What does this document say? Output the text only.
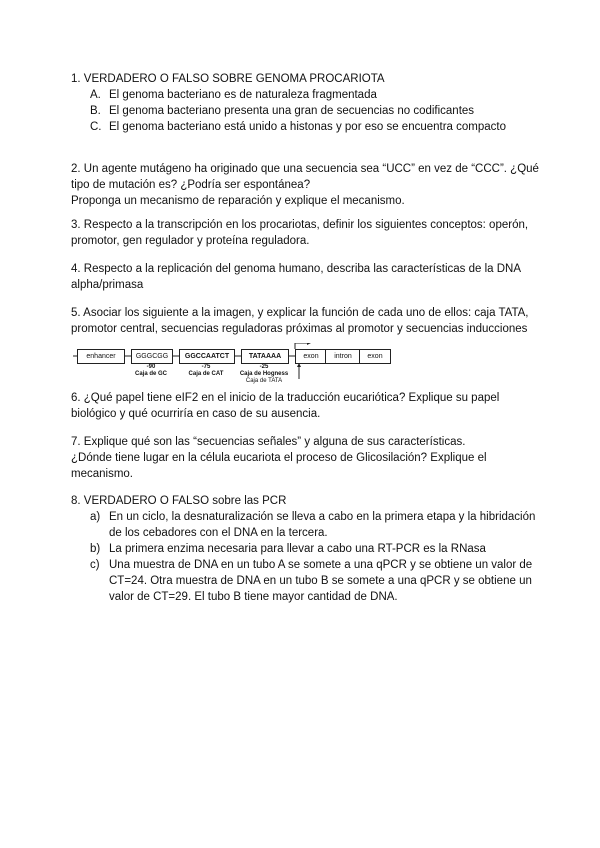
1. VERDADERO O FALSO SOBRE GENOMA PROCARIOTA
A. El genoma bacteriano es de naturaleza fragmentada
B. El genoma bacteriano presenta una gran de secuencias no codificantes
C. El genoma bacteriano está unido a histonas y por eso se encuentra compacto
2. Un agente mutágeno ha originado que una secuencia sea “UCC” en vez de “CCC”. ¿Qué
tipo de mutación es? ¿Podría ser espontánea?
Proponga un mecanismo de reparación y explique el mecanismo.
3. Respecto a la transcripción en los procariotas, definir los siguientes conceptos: operón,
promotor, gen regulador y proteína reguladora.
4. Respecto a la replicación del genoma humano, describa las características de la DNA
alpha/primasa
5. Asociar los siguiente a la imagen, y explicar la función de cada uno de ellos: caja TATA,
promotor central, secuencias reguladoras próximas al promotor y secuencias inducciones
enhancer	GGGCGG	GGCCAATCT	TATAAAA	exon	intron
-90
Caja de GC
-75
Caja de CAT
-25
Caja de Hogness
Caja de TATA
exon
6. ¿Qué papel tiene eIF2 en el inicio de la traducción eucariótica? Explique su papel
biológico y qué ocurriría en caso de su ausencia.
7. Explique qué son las “secuencias señales” y alguna de sus características.
¿Dónde tiene lugar en la célula eucariota el proceso de Glicosilación? Explique el
mecanismo.
8. VERDADERO O FALSO sobre las PCR
a) En un ciclo, la desnaturalización se lleva a cabo en la primera etapa y la hibridación
de los cebadores con el DNA en la tercera.
b) La primera enzima necesaria para llevar a cabo una RT-PCR es la RNasa
c) Una muestra de DNA en un tubo A se somete a una qPCR y se obtiene un valor de
CT=24. Otra muestra de DNA en un tubo B se somete a una qPCR y se obtiene un
valor de CT=29. El tubo B tiene mayor cantidad de DNA.
